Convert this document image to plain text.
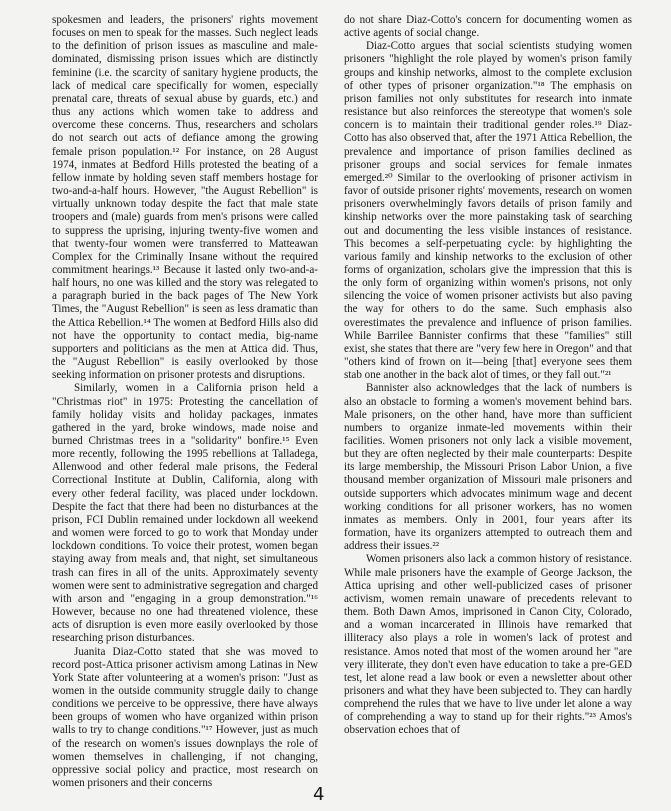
spokesmen and leaders, the prisoners' rights movement focuses on men to speak for the masses. Such neglect leads to the definition of prison issues as masculine and male-dominated, dismissing prison issues which are distinctly feminine (i.e. the scarcity of sanitary hygiene products, the lack of medical care specifically for women, especially prenatal care, threats of sexual abuse by guards, etc.) and thus any actions which women take to address and overcome these concerns. Thus, researchers and scholars do not search out acts of defiance among the growing female prison population.¹² For instance, on 28 August 1974, inmates at Bedford Hills protested the beating of a fellow inmate by holding seven staff members hostage for two-and-a-half hours. However, "the August Rebellion" is virtually unknown today despite the fact that male state troopers and (male) guards from men's prisons were called to suppress the uprising, injuring twenty-five women and that twenty-four women were transferred to Matteawan Complex for the Criminally Insane without the required commitment hearings.¹³ Because it lasted only two-and-a-half hours, no one was killed and the story was relegated to a paragraph buried in the back pages of The New York Times, the "August Rebellion" is seen as less dramatic than the Attica Rebellion.¹⁴ The women at Bedford Hills also did not have the opportunity to contact media, big-name supporters and politicians as the men at Attica did. Thus, the "August Rebellion" is easily overlooked by those seeking information on prisoner protests and disruptions.

Similarly, women in a California prison held a "Christmas riot" in 1975: Protesting the cancellation of family holiday visits and holiday packages, inmates gathered in the yard, broke windows, made noise and burned Christmas trees in a "solidarity" bonfire.¹⁵ Even more recently, following the 1995 rebellions at Talladega, Allenwood and other federal male prisons, the Federal Correctional Institute at Dublin, California, along with every other federal facility, was placed under lockdown. Despite the fact that there had been no disturbances at the prison, FCI Dublin remained under lockdown all weekend and women were forced to go to work that Monday under lockdown conditions. To voice their protest, women began staying away from meals and, that night, set simultaneous trash can fires in all of the units. Approximately seventy women were sent to administrative segregation and charged with arson and "engaging in a group demonstration."¹⁶ However, because no one had threatened violence, these acts of disruption is even more easily overlooked by those researching prison disturbances.

Juanita Diaz-Cotto stated that she was moved to record post-Attica prisoner activism among Latinas in New York State after volunteering at a women's prison: "Just as women in the outside community struggle daily to change conditions we perceive to be oppressive, there have always been groups of women who have organized within prison walls to try to change conditions."¹⁷ However, just as much of the research on women's issues downplays the role of women themselves in challenging, if not changing, oppressive social policy and practice, most research on women prisoners and their concerns

do not share Diaz-Cotto's concern for documenting women as active agents of social change.

Diaz-Cotto argues that social scientists studying women prisoners "highlight the role played by women's prison family groups and kinship networks, almost to the complete exclusion of other types of prisoner organization."¹⁸ The emphasis on prison families not only substitutes for research into inmate resistance but also reinforces the stereotype that women's sole concern is to maintain their traditional gender roles.¹⁹ Diaz-Cotto has also observed that, after the 1971 Attica Rebellion, the prevalence and importance of prison families declined as prisoner groups and social services for female inmates emerged.²⁰ Similar to the overlooking of prisoner activism in favor of outside prisoner rights' movements, research on women prisoners overwhelmingly favors details of prison family and kinship networks over the more painstaking task of searching out and documenting the less visible instances of resistance. This becomes a self-perpetuating cycle: by highlighting the various family and kinship networks to the exclusion of other forms of organization, scholars give the impression that this is the only form of organizing within women's prisons, not only silencing the voice of women prisoner activists but also paving the way for others to do the same. Such emphasis also overestimates the prevalence and influence of prison families. While Barrilee Bannister confirms that these "families" still exist, she states that there are "very few here in Oregon" and that "others kind of frown on it—being [that] everyone sees them stab one another in the back alot of times, or they fall out."²¹

Bannister also acknowledges that the lack of numbers is also an obstacle to forming a women's movement behind bars. Male prisoners, on the other hand, have more than sufficient numbers to organize inmate-led movements within their facilities. Women prisoners not only lack a visible movement, but they are often neglected by their male counterparts: Despite its large membership, the Missouri Prison Labor Union, a five thousand member organization of Missouri male prisoners and outside supporters which advocates minimum wage and decent working conditions for all prisoner workers, has no women inmates as members. Only in 2001, four years after its formation, have its organizers attempted to outreach them and address their issues.²²

Women prisoners also lack a common history of resistance. While male prisoners have the example of George Jackson, the Attica uprising and other well-publicized cases of prisoner activism, women remain unaware of precedents relevant to them. Both Dawn Amos, imprisoned in Canon City, Colorado, and a woman incarcerated in Illinois have remarked that illiteracy also plays a role in women's lack of protest and resistance. Amos noted that most of the women around her "are very illiterate, they don't even have education to take a pre-GED test, let alone read a law book or even a newsletter about other prisoners and what they have been subjected to. They can hardly comprehend the rules that we have to live under let alone a way of comprehending a way to stand up for their rights."²³ Amos's observation echoes that of

4
